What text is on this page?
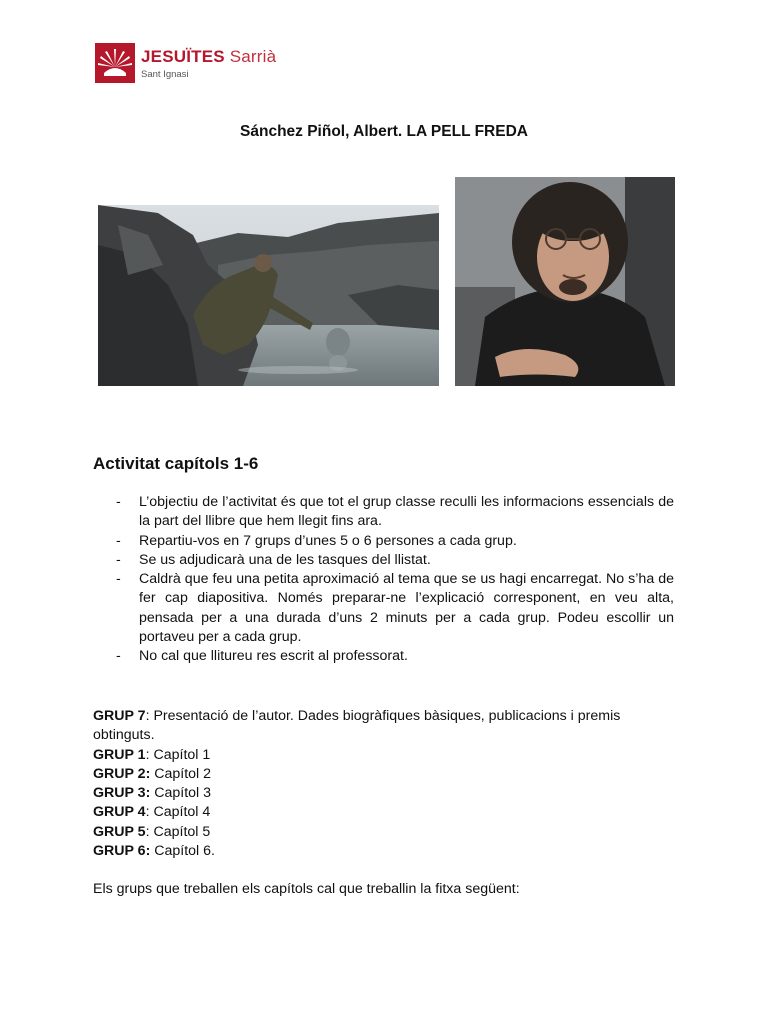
JESUÏTES Sarrià
Sant Ignasi
Sánchez Piñol, Albert. LA PELL FREDA
Activitat capítols 1-6
- L’objectiu de l’activitat és que tot el grup classe reculli les informacions essencials de la part del llibre que hem llegit fins ara.
- Repartiu-vos en 7 grups d’unes 5 o 6 persones a cada grup.
- Se us adjudicarà una de les tasques del llistat.
- Caldrà que feu una petita aproximació al tema que se us hagi encarregat. No s’ha de fer cap diapositiva. Només preparar-ne l’explicació corresponent, en veu alta, pensada per a una durada d’uns 2 minuts per a cada grup. Podeu escollir un portaveu per a cada grup.
- No cal que llitureu res escrit al professorat.
GRUP 7: Presentació de l’autor. Dades biogràfiques bàsiques, publicacions i premis obtinguts.
GRUP 1: Capítol 1
GRUP 2: Capítol 2
GRUP 3: Capítol 3
GRUP 4: Capítol 4
GRUP 5: Capítol 5
GRUP 6: Capítol 6.
Els grups que treballen els capítols cal que treballin la fitxa següent:
